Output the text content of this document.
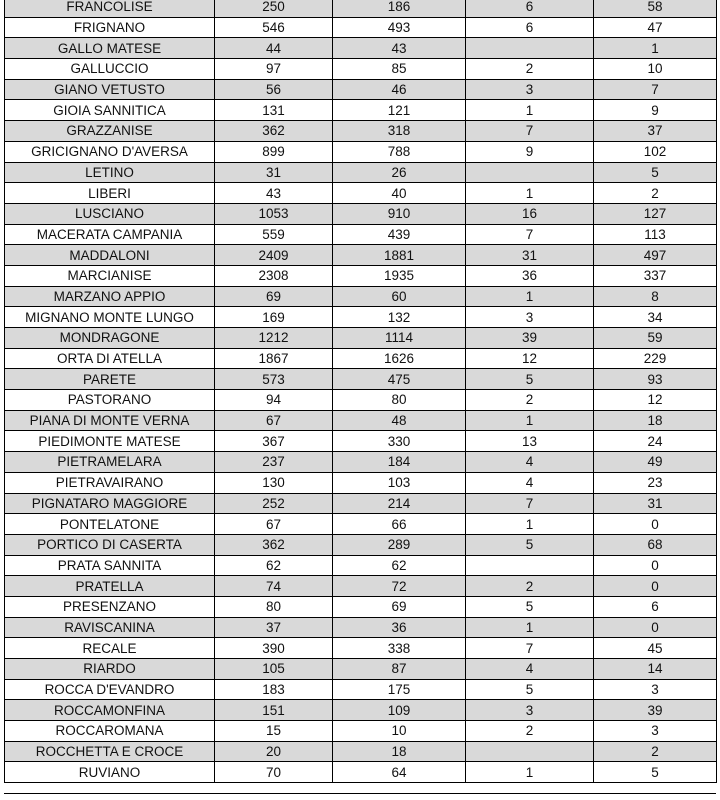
FRANCOLISE	250	186	6	58
FRIGNANO	546	493	6	47
GALLO MATESE	44	43		1
GALLUCCIO	97	85	2	10
GIANO VETUSTO	56	46	3	7
GIOIA SANNITICA	131	121	1	9
GRAZZANISE	362	318	7	37
GRICIGNANO D'AVERSA	899	788	9	102
LETINO	31	26		5
LIBERI	43	40	1	2
LUSCIANO	1053	910	16	127
MACERATA CAMPANIA	559	439	7	113
MADDALONI	2409	1881	31	497
MARCIANISE	2308	1935	36	337
MARZANO APPIO	69	60	1	8
MIGNANO MONTE LUNGO	169	132	3	34
MONDRAGONE	1212	1114	39	59
ORTA DI ATELLA	1867	1626	12	229
PARETE	573	475	5	93
PASTORANO	94	80	2	12
PIANA DI MONTE VERNA	67	48	1	18
PIEDIMONTE MATESE	367	330	13	24
PIETRAMELARA	237	184	4	49
PIETRAVAIRANO	130	103	4	23
PIGNATARO MAGGIORE	252	214	7	31
PONTELATONE	67	66	1	0
PORTICO DI CASERTA	362	289	5	68
PRATA SANNITA	62	62		0
PRATELLA	74	72	2	0
PRESENZANO	80	69	5	6
RAVISCANINA	37	36	1	0
RECALE	390	338	7	45
RIARDO	105	87	4	14
ROCCA D'EVANDRO	183	175	5	3
ROCCAMONFINA	151	109	3	39
ROCCAROMANA	15	10	2	3
ROCCHETTA E CROCE	20	18		2
RUVIANO	70	64	1	5
